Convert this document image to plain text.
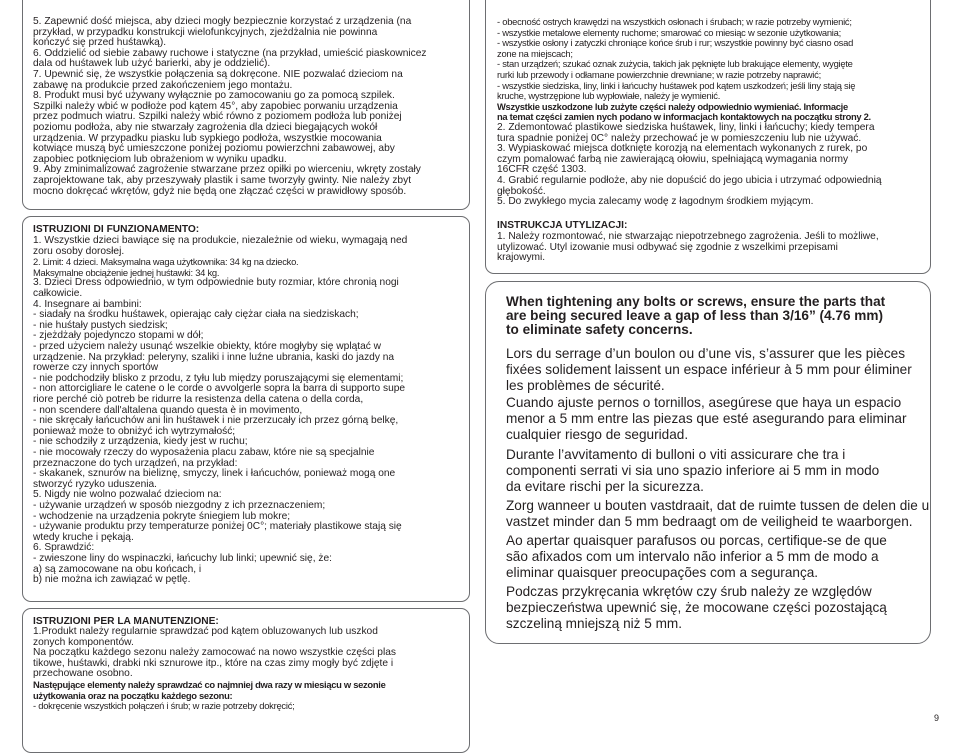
5. Zapewnić dość miejsca, aby dzieci mogły bezpiecznie korzystać z urządzenia (na
przykład, w przypadku konstrukcji wielofunkcyjnych, zjeżdżalnia nie powinna
kończyć się przed huśtawką).
6. Oddzielić od siebie zabawy ruchowe i statyczne (na przykład, umieścić piaskownicez
dala od huśtawek lub użyć barierki, aby je oddzielić).
7. Upewnić się, że wszystkie połączenia są dokręcone. NIE pozwalać dzieciom na
zabawę na produkcie przed zakończeniem jego montażu.
8. Produkt musi być używany wyłącznie po zamocowaniu go za pomocą szpilek.
Szpilki należy wbić w podłoże pod kątem 45°, aby zapobiec porwaniu urządzenia
przez podmuch wiatru. Szpilki należy wbić równo z poziomem podłoża lub poniżej
poziomu podłoża, aby nie stwarzały zagrożenia dla dzieci biegających wokół
urządzenia. W przypadku piasku lub sypkiego podłoża, wszystkie mocowania
kotwiące muszą być umieszczone poniżej poziomu powierzchni zabawowej, aby
zapobiec potknięciom lub obrażeniom w wyniku upadku.
9. Aby zminimalizować zagrożenie stwarzane przez opiłki po wierceniu, wkręty zostały
zaprojektowane tak, aby przeszywały plastik i same tworzyły gwinty. Nie należy zbyt
mocno dokręcać wkrętów, gdyż nie będą one złączać części w prawidłowy sposób.
ISTRUZIONI DI FUNZIONAMENTO:
1. Wszystkie dzieci bawiące się na produkcie, niezależnie od wieku, wymagają ned
zoru osoby dorosłej.
2. Limit: 4 dzieci. Maksymalna waga użytkownika: 34 kg na dziecko.
Maksymalne obciążenie jednej huśtawki: 34 kg.
3. Dzieci Dress odpowiednio, w tym odpowiednie buty rozmiar, które chronią nogi
całkowicie.
4. Insegnare ai bambini:
- siadały na środku huśtawek, opierając cały ciężar ciała na siedziskach;
- nie huśtały pustych siedzisk;
- zjeżdżały pojedynczo stopami w dół;
- przed użyciem należy usunąć wszelkie obiekty, które mogłyby się wplątać w
urządzenie. Na przykład: peleryny, szaliki i inne luźne ubrania, kaski do jazdy na
rowerze czy innych sportów
- nie podchodziły blisko z przodu, z tyłu lub między poruszającymi się elementami;
- non attorcigliare le catene o le corde o avvolgerle sopra la barra di supporto supe
riore perché ciò potreb be ridurre la resistenza della catena o della corda,
- non scendere dall'altalena quando questa è in movimento,
- nie skręcały łańcuchów ani lin huśtawek i nie przerzucały ich przez górną belkę,
ponieważ może to obniżyć ich wytrzymałość;
- nie schodziły z urządzenia, kiedy jest w ruchu;
- nie mocowały rzeczy do wyposażenia placu zabaw, które nie są specjalnie
przeznaczone do tych urządzeń, na przykład:
- skakanek, sznurów na bieliznę, smyczy, linek i łańcuchów, ponieważ mogą one
stworzyć ryzyko uduszenia.
5. Nigdy nie wolno pozwalać dzieciom na:
- używanie urządzeń w sposób niezgodny z ich przeznaczeniem;
- wchodzenie na urządzenia pokryte śniegiem lub mokre;
- używanie produktu przy temperaturze poniżej 0C°; materiały plastikowe stają się
wtedy kruche i pękają.
6. Sprawdzić:
- zwieszone liny do wspinaczki, łańcuchy lub linki; upewnić się, że:
a) są zamocowane na obu końcach, i
b) nie można ich zawiązać w pętlę.
ISTRUZIONI PER LA MANUTENZIONE:
1.Produkt należy regularnie sprawdzać pod kątem obluzowanych lub uszkod
zonych komponentów.
Na początku każdego sezonu należy zamocować na nowo wszystkie części plas
tikowe, huśtawki, drabki nki sznurowe itp., które na czas zimy mogły być zdjęte i
przechowane osobno.
Następujące elementy należy sprawdzać co najmniej dwa razy w miesiącu w sezonie
użytkowania oraz na początku każdego sezonu:
- dokręcenie wszystkich połączeń i śrub; w razie potrzeby dokręcić;
- obecność ostrych krawędzi na wszystkich osłonach i śrubach; w razie potrzeby wymienić;
- wszystkie metalowe elementy ruchome; smarować co miesiąc w sezonie użytkowania;
- wszystkie osłony i zatyczki chroniące końce śrub i rur; wszystkie powinny być ciasno osad
zone na miejscach;
- stan urządzeń; szukać oznak zużycia, takich jak pęknięte lub brakujące elementy, wygięte
rurki lub przewody i odłamane powierzchnie drewniane; w razie potrzeby naprawić;
- wszystkie siedziska, liny, linki i łańcuchy huśtawek pod kątem uszkodzeń; jeśli liny stają się
kruche, wystrzępione lub wypłowiałe, należy je wymienić.
Wszystkie uszkodzone lub zużyte części należy odpowiednio wymieniać. Informacje
na temat części zamien nych podano w informacjach kontaktowych na początku strony 2.
2. Zdemontować plastikowe siedziska huśtawek, liny, linki i łańcuchy; kiedy tempera
tura spadnie poniżej 0C° należy przechować je w pomieszczeniu lub nie używać.
3. Wypiaskować miejsca dotknięte korozją na elementach wykonanych z rurek, po
czym pomalować farbą nie zawierającą ołowiu, spełniającą wymagania normy
16CFR część 1303.
4. Grabić regularnie podłoże, aby nie dopuścić do jego ubicia i utrzymać odpowiednią
głębokość.
5. Do zwykłego mycia zalecamy wodę z łagodnym środkiem myjącym.
INSTRUKCJA UTYLIZACJI:
1. Należy rozmontować, nie stwarzając niepotrzebnego zagrożenia. Jeśli to możliwe,
utylizować. Utyl izowanie musi odbywać się zgodnie z wszelkimi przepisami
krajowymi.
When tightening any bolts or screws, ensure the parts that
are being secured leave a gap of less than 3/16” (4.76 mm)
to eliminate safety concerns.
Lors du serrage d’un boulon ou d’une vis, s’assurer que les pièces
fixées solidement laissent un espace inférieur à 5 mm pour éliminer
les problèmes de sécurité.
Cuando ajuste pernos o tornillos, asegúrese que haya un espacio
menor a 5 mm entre las piezas que esté asegurando para eliminar
cualquier riesgo de seguridad.
Durante l’avvitamento di bulloni o viti assicurare che tra i
componenti serrati vi sia uno spazio inferiore ai 5 mm in modo
da evitare rischi per la sicurezza.
Zorg wanneer u bouten vastdraait, dat de ruimte tussen de delen die u
vastzet minder dan 5 mm bedraagt om de veiligheid te waarborgen.
Ao apertar quaisquer parafusos ou porcas, certifique-se de que
são afixados com um intervalo não inferior a 5 mm de modo a
eliminar quaisquer preocupações com a segurança.
Podczas przykręcania wkrętów czy śrub należy ze względów
bezpieczeństwa upewnić się, że mocowane części pozostającą
szczeliną mniejszą niż 5 mm.
9
